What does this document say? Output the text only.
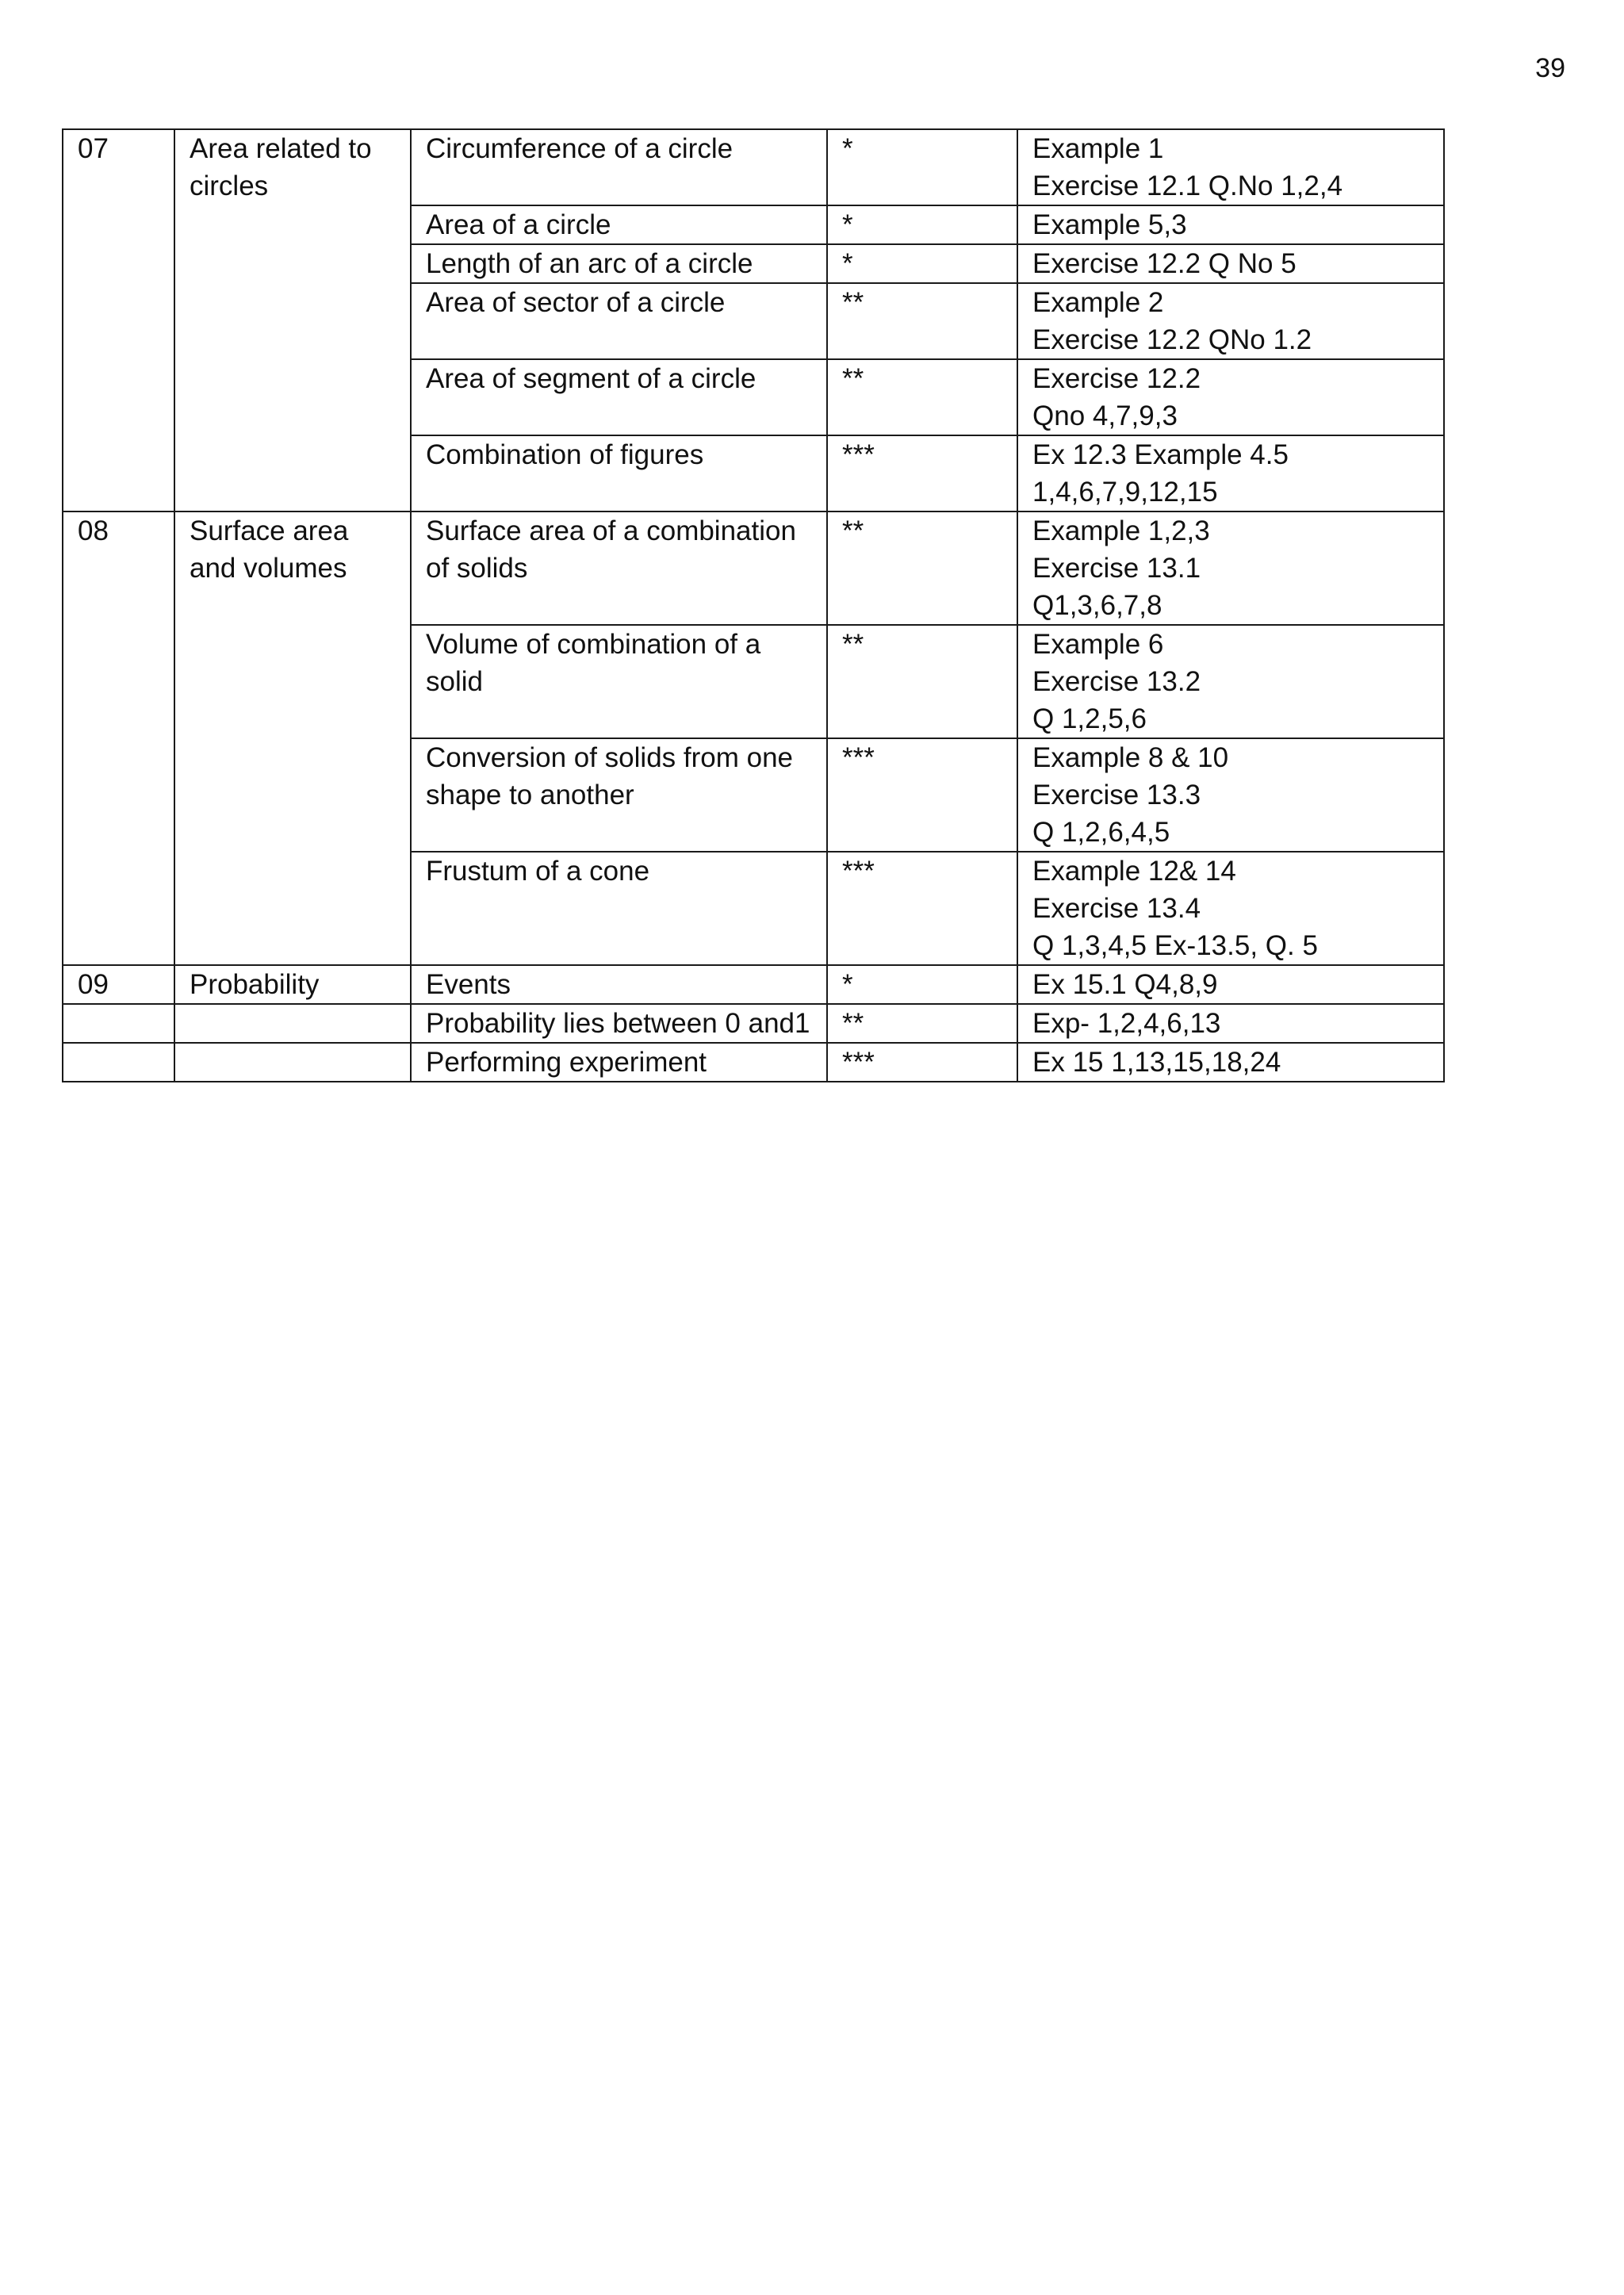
39
07	Area related to circles	Circumference of a circle	*	Example 1
Exercise 12.1 Q.No 1,2,4

		Area of a circle	*	Example 5,3

		Length of an arc of a circle	*	Exercise 12.2 Q No 5

		Area of sector of a circle	**	Example 2
Exercise 12.2 QNo 1.2

		Area of segment of a circle	**	Exercise 12.2
Qno 4,7,9,3

		Combination of figures	***	Ex 12.3 Example 4.5
1,4,6,7,9,12,15

08	Surface area and volumes	Surface area of a combination of solids	**	Example 1,2,3
Exercise 13.1
Q1,3,6,7,8

		Volume of combination of a solid	**	Example 6
Exercise 13.2
Q 1,2,5,6

		Conversion of solids from one shape to another	***	Example 8 & 10
Exercise 13.3
Q 1,2,6,4,5

		Frustum of a cone	***	Example 12& 14
Exercise 13.4
Q 1,3,4,5 Ex-13.5, Q. 5

09	Probability	Events	*	Ex 15.1 Q4,8,9

		Probability lies between 0 and1	**	Exp- 1,2,4,6,13

		Performing experiment	***	Ex 15 1,13,15,18,24
